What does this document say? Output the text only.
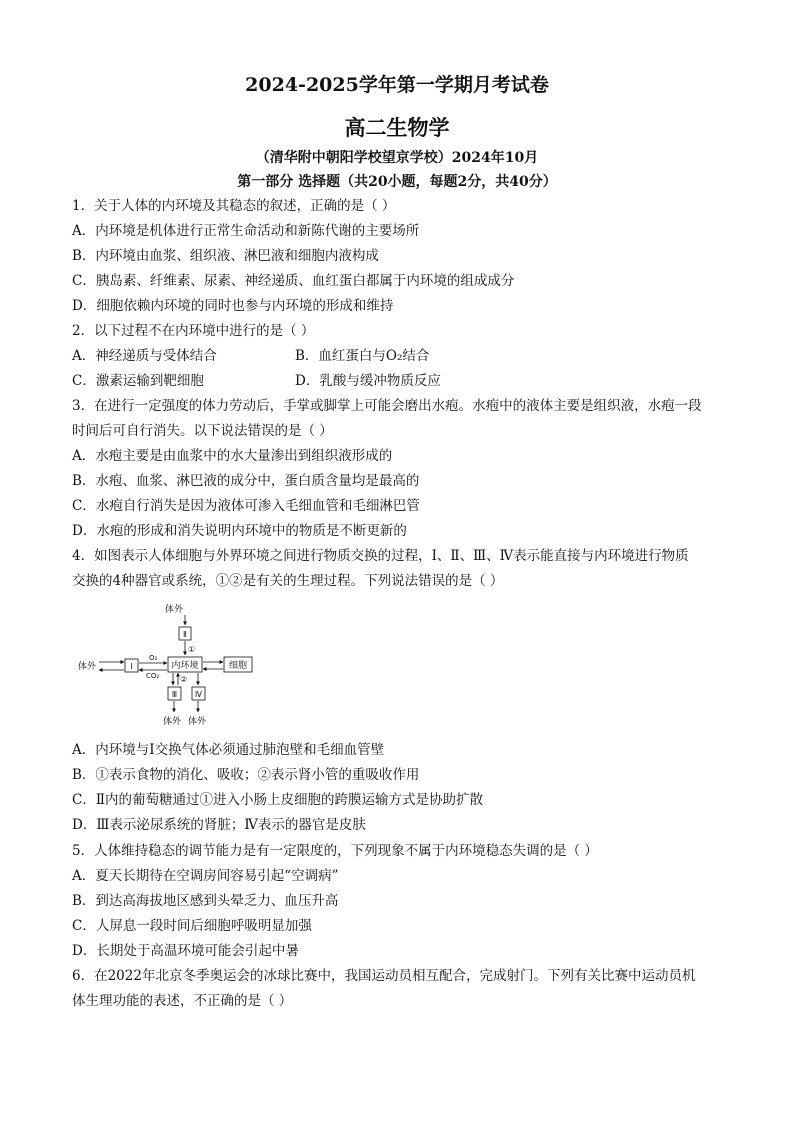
2024-2025学年第一学期月考试卷
高二生物学
（清华附中朝阳学校望京学校）2024年10月
第一部分 选择题（共20小题，每题2分，共40分）
1．关于人体的内环境及其稳态的叙述，正确的是（ ）
A．内环境是机体进行正常生命活动和新陈代谢的主要场所
B．内环境由血浆、组织液、淋巴液和细胞内液构成
C．胰岛素、纤维素、尿素、神经递质、血红蛋白都属于内环境的组成成分
D．细胞依赖内环境的同时也参与内环境的形成和维持
2．以下过程不在内环境中进行的是（ ）
A．神经递质与受体结合	B．血红蛋白与O₂结合
C．激素运输到靶细胞	D．乳酸与缓冲物质反应
3．在进行一定强度的体力劳动后，手掌或脚掌上可能会磨出水疱。水疱中的液体主要是组织液，水疱一段
时间后可自行消失。以下说法错误的是（ ）
A．水疱主要是由血浆中的水大量渗出到组织液形成的
B．水疱、血浆、淋巴液的成分中，蛋白质含量均是最高的
C．水疱自行消失是因为液体可渗入毛细血管和毛细淋巴管
D．水疱的形成和消失说明内环境中的物质是不断更新的
4．如图表示人体细胞与外界环境之间进行物质交换的过程，Ⅰ、Ⅱ、Ⅲ、Ⅳ表示能直接与内环境进行物质
交换的4种器官或系统，①②是有关的生理过程。下列说法错误的是（ ）
体外
Ⅱ
①
体外	Ⅰ
O₂
CO₂
内环境	细胞
②
Ⅲ Ⅳ
体外 体外
A．内环境与Ⅰ交换气体必须通过肺泡壁和毛细血管壁
B．①表示食物的消化、吸收；②表示肾小管的重吸收作用
C．Ⅱ内的葡萄糖通过①进入小肠上皮细胞的跨膜运输方式是协助扩散
D．Ⅲ表示泌尿系统的肾脏；Ⅳ表示的器官是皮肤
5．人体维持稳态的调节能力是有一定限度的，下列现象不属于内环境稳态失调的是（ ）
A．夏天长期待在空调房间容易引起“空调病”
B．到达高海拔地区感到头晕乏力、血压升高
C．人屏息一段时间后细胞呼吸明显加强
D．长期处于高温环境可能会引起中暑
6．在2022年北京冬季奥运会的冰球比赛中，我国运动员相互配合，完成射门。下列有关比赛中运动员机
体生理功能的表述，不正确的是（ ）
